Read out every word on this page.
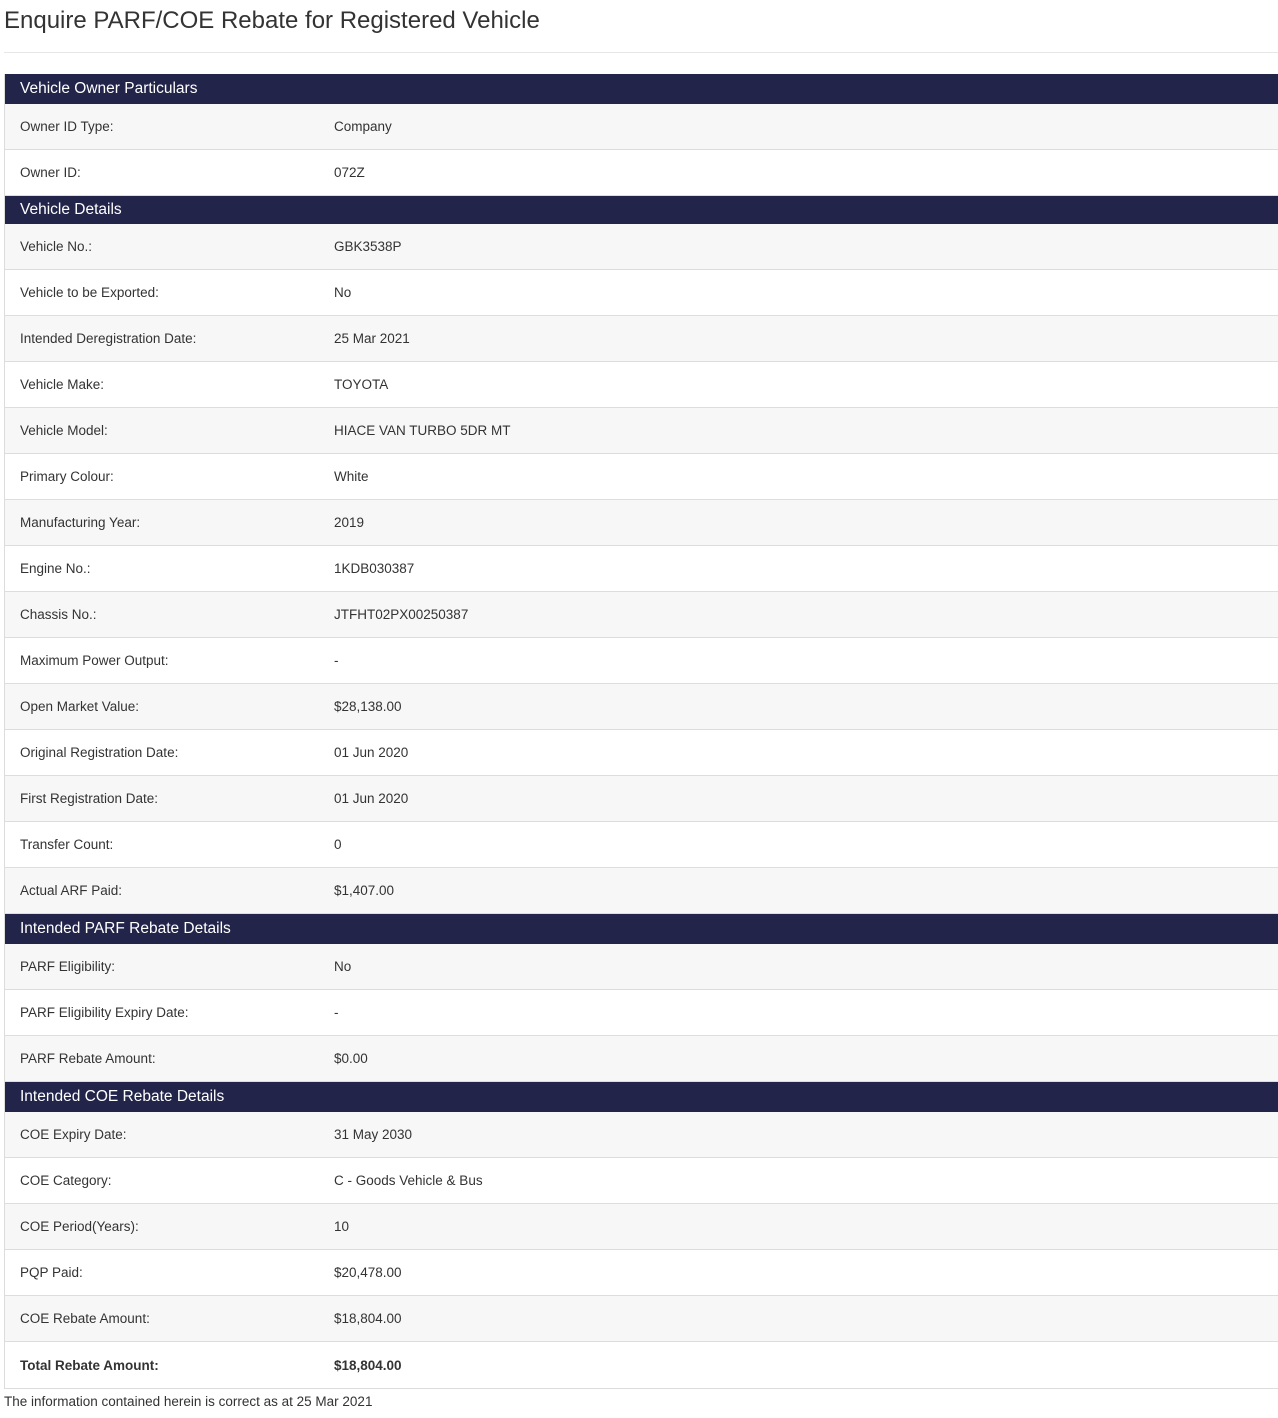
Enquire PARF/COE Rebate for Registered Vehicle
Vehicle Owner Particulars
Owner ID Type:	Company
Owner ID:	072Z
Vehicle Details
Vehicle No.:	GBK3538P
Vehicle to be Exported:	No
Intended Deregistration Date:	25 Mar 2021
Vehicle Make:	TOYOTA
Vehicle Model:	HIACE VAN TURBO 5DR MT
Primary Colour:	White
Manufacturing Year:	2019
Engine No.:	1KDB030387
Chassis No.:	JTFHT02PX00250387
Maximum Power Output:	-
Open Market Value:	$28,138.00
Original Registration Date:	01 Jun 2020
First Registration Date:	01 Jun 2020
Transfer Count:	0
Actual ARF Paid:	$1,407.00
Intended PARF Rebate Details
PARF Eligibility:	No
PARF Eligibility Expiry Date:	-
PARF Rebate Amount:	$0.00
Intended COE Rebate Details
COE Expiry Date:	31 May 2030
COE Category:	C - Goods Vehicle & Bus
COE Period(Years):	10
PQP Paid:	$20,478.00
COE Rebate Amount:	$18,804.00
Total Rebate Amount:	$18,804.00
The information contained herein is correct as at 25 Mar 2021
